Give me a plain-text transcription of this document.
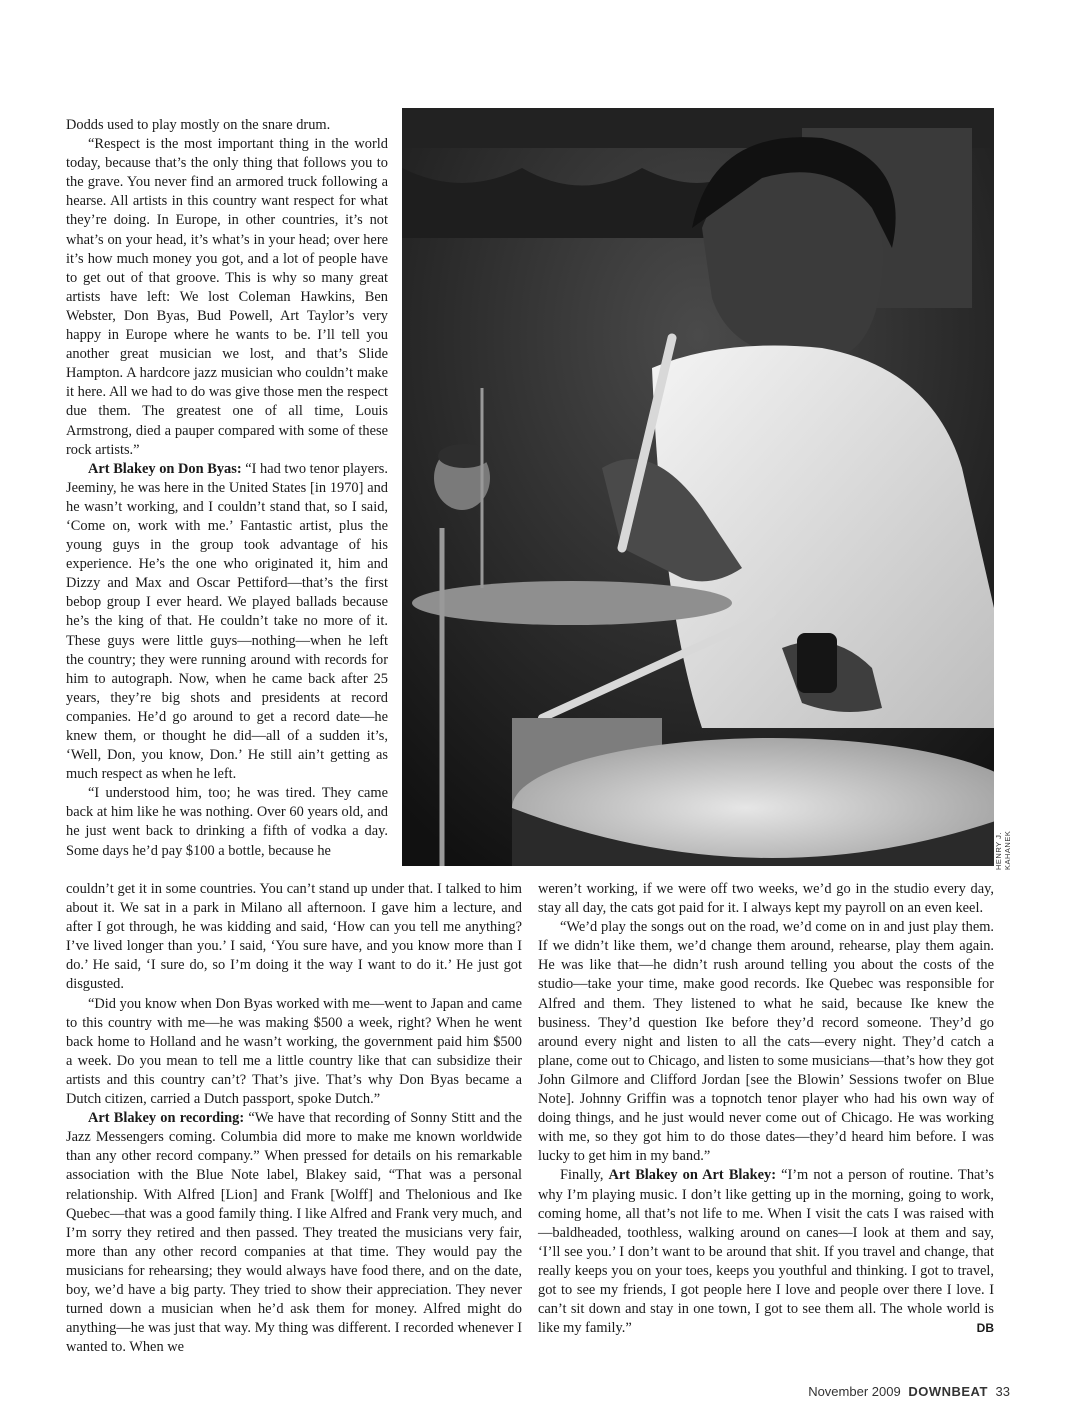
Dodds used to play mostly on the snare drum.

“Respect is the most important thing in the world today, because that’s the only thing that follows you to the grave. You never find an armored truck following a hearse. All artists in this country want respect for what they’re doing. In Europe, in other countries, it’s not what’s on your head, it’s what’s in your head; over here it’s how much money you got, and a lot of people have to get out of that groove. This is why so many great artists have left: We lost Coleman Hawkins, Ben Webster, Don Byas, Bud Powell, Art Taylor’s very happy in Europe where he wants to be. I’ll tell you another great musician we lost, and that’s Slide Hampton. A hardcore jazz musician who couldn’t make it here. All we had to do was give those men the respect due them. The greatest one of all time, Louis Armstrong, died a pauper compared with some of these rock artists.”

Art Blakey on Don Byas: “I had two tenor players. Jeeminy, he was here in the United States [in 1970] and he wasn’t working, and I couldn’t stand that, so I said, ‘Come on, work with me.’ Fantastic artist, plus the young guys in the group took advantage of his experience. He’s the one who originated it, him and Dizzy and Max and Oscar Pettiford—that’s the first bebop group I ever heard. We played ballads because he’s the king of that. He couldn’t take no more of it. These guys were little guys—nothing—when he left the country; they were running around with records for him to autograph. Now, when he came back after 25 years, they’re big shots and presidents at record companies. He’d go around to get a record date—he knew them, or thought he did—all of a sudden it’s, ‘Well, Don, you know, Don.’ He still ain’t getting as much respect as when he left.

“I understood him, too; he was tired. They came back at him like he was nothing. Over 60 years old, and he just went back to drinking a fifth of vodka a day. Some days he’d pay $100 a bottle, because he	HENRY J. KAHANEK

couldn’t get it in some countries. You can’t stand up under that. I talked to him about it. We sat in a park in Milano all afternoon. I gave him a lecture, and after I got through, he was kidding and said, ‘How can you tell me anything? I’ve lived longer than you.’ I said, ‘You sure have, and you know more than I do.’ He said, ‘I sure do, so I’m doing it the way I want to do it.’ He just got disgusted.

“Did you know when Don Byas worked with me—went to Japan and came to this country with me—he was making $500 a week, right? When he went back home to Holland and he wasn’t working, the government paid him $500 a week. Do you mean to tell me a little country like that can subsidize their artists and this country can’t? That’s jive. That’s why Don Byas became a Dutch citizen, carried a Dutch passport, spoke Dutch.”

Art Blakey on recording: “We have that recording of Sonny Stitt and the Jazz Messengers coming. Columbia did more to make me known worldwide than any other record company.” When pressed for details on his remarkable association with the Blue Note label, Blakey said, “That was a personal relationship. With Alfred [Lion] and Frank [Wolff] and Thelonious and Ike Quebec—that was a good family thing. I like Alfred and Frank very much, and I’m sorry they retired and then passed. They treated the musicians very fair, more than any other record companies at that time. They would pay the musicians for rehearsing; they would always have food there, and on the date, boy, we’d have a big party. They tried to show their appreciation. They never turned down a musician when he’d ask them for money. Alfred might do anything—he was just that way. My thing was different. I recorded whenever I wanted to. When we

weren’t working, if we were off two weeks, we’d go in the studio every day, stay all day, the cats got paid for it. I always kept my payroll on an even keel.

“We’d play the songs out on the road, we’d come on in and just play them. If we didn’t like them, we’d change them around, rehearse, play them again. He was like that—he didn’t rush around telling you about the costs of the studio—take your time, make good records. Ike Quebec was responsible for Alfred and them. They listened to what he said, because Ike knew the business. They’d question Ike before they’d record someone. They’d go around every night and listen to all the cats—every night. They’d catch a plane, come out to Chicago, and listen to some musicians—that’s how they got John Gilmore and Clifford Jordan [see the Blowin’ Sessions twofer on Blue Note]. Johnny Griffin was a topnotch tenor player who had his own way of doing things, and he just would never come out of Chicago. He was working with me, so they got him to do those dates—they’d heard him before. I was lucky to get him in my band.”

Finally, Art Blakey on Art Blakey: “I’m not a person of routine. That’s why I’m playing music. I don’t like getting up in the morning, going to work, coming home, all that’s not life to me. When I visit the cats I was raised with—baldheaded, toothless, walking around on canes—I look at them and say, ‘I’ll see you.’ I don’t want to be around that shit. If you travel and change, that really keeps you on your toes, keeps you youthful and thinking. I got to travel, got to see my friends, I got people here I love and people over there I love. I can’t sit down and stay in one town, I got to see them all. The whole world is like my family.”	DB

November 2009 DOWNBEAT 33
